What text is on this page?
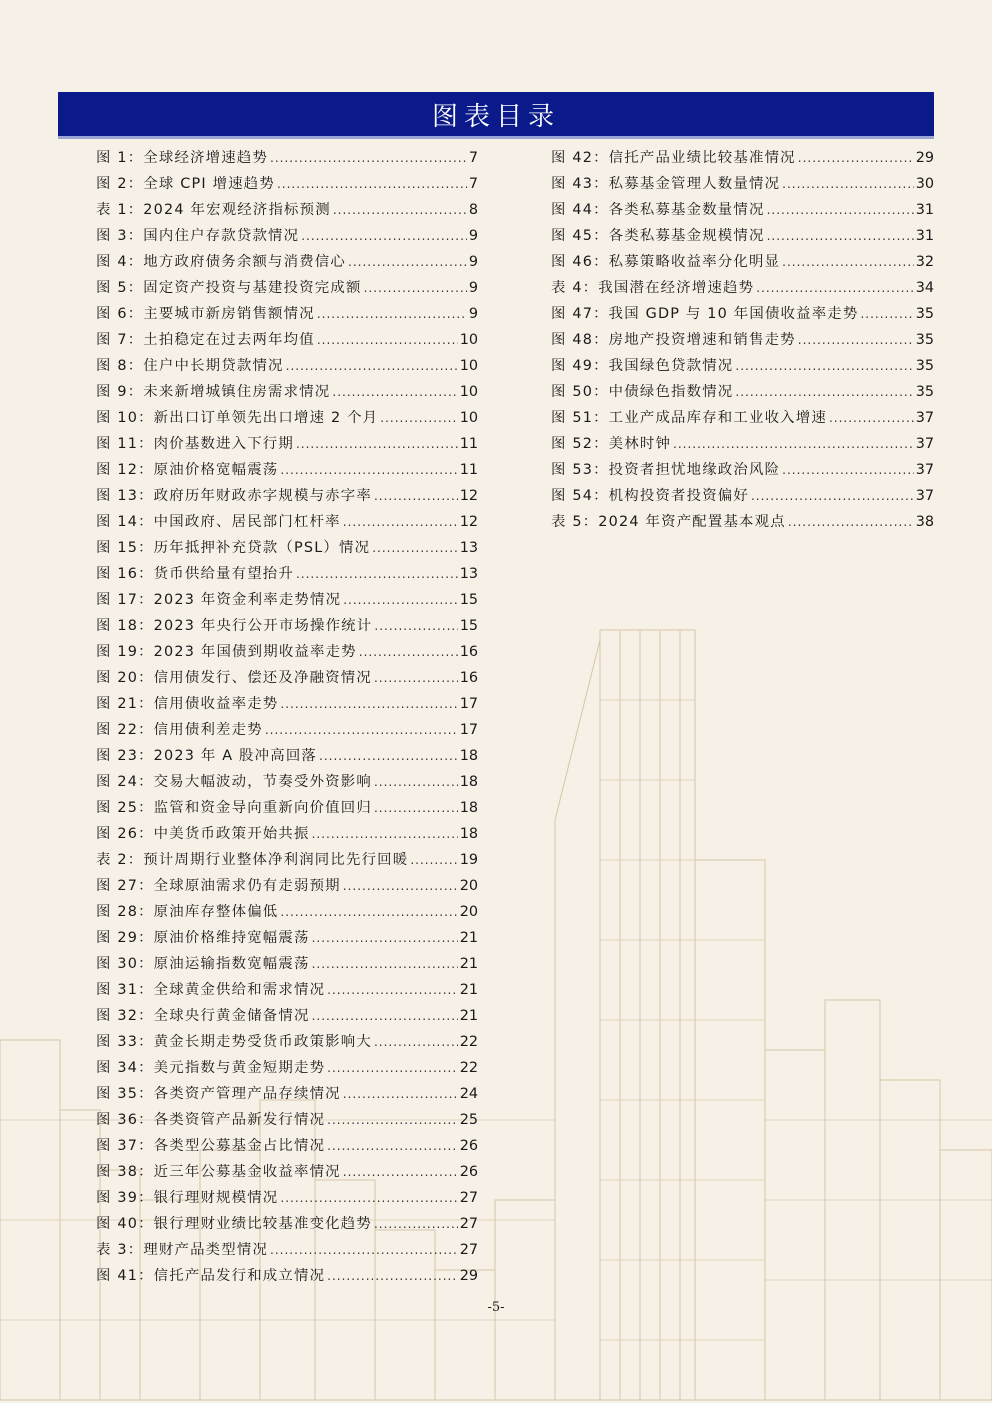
图表目录
图 1：全球经济增速趋势 .....	7
图 2：全球 CPI 增速趋势 .....	7
表 1：2024 年宏观经济指标预测 .....	8
图 3：国内住户存款贷款情况 .....	9
图 4：地方政府债务余额与消费信心 .....	9
图 5：固定资产投资与基建投资完成额 .....	9
图 6：主要城市新房销售额情况 .....	9
图 7：土拍稳定在过去两年均值 .....	10
图 8：住户中长期贷款情况 .....	10
图 9：未来新增城镇住房需求情况 .....	10
图 10：新出口订单领先出口增速 2 个月 .....	10
图 11：肉价基数进入下行期 .....	11
图 12：原油价格宽幅震荡 .....	11
图 13：政府历年财政赤字规模与赤字率 .....	12
图 14：中国政府、居民部门杠杆率 .....	12
图 15：历年抵押补充贷款（PSL）情况 .....	13
图 16：货币供给量有望抬升 .....	13
图 17：2023 年资金利率走势情况 .....	15
图 18：2023 年央行公开市场操作统计 .....	15
图 19：2023 年国债到期收益率走势 .....	16
图 20：信用债发行、偿还及净融资情况 .....	16
图 21：信用债收益率走势 .....	17
图 22：信用债利差走势 .....	17
图 23：2023 年 A 股冲高回落 .....	18
图 24：交易大幅波动，节奏受外资影响 .....	18
图 25：监管和资金导向重新向价值回归 .....	18
图 26：中美货币政策开始共振 .....	18
表 2：预计周期行业整体净利润同比先行回暖 .....	19
图 27：全球原油需求仍有走弱预期 .....	20
图 28：原油库存整体偏低 .....	20
图 29：原油价格维持宽幅震荡 .....	21
图 30：原油运输指数宽幅震荡 .....	21
图 31：全球黄金供给和需求情况 .....	21
图 32：全球央行黄金储备情况 .....	21
图 33：黄金长期走势受货币政策影响大 .....	22
图 34：美元指数与黄金短期走势 .....	22
图 35：各类资产管理产品存续情况 .....	24
图 36：各类资管产品新发行情况 .....	25
图 37：各类型公募基金占比情况 .....	26
图 38：近三年公募基金收益率情况 .....	26
图 39：银行理财规模情况 .....	27
图 40：银行理财业绩比较基准变化趋势 .....	27
表 3：理财产品类型情况 .....	27
图 41：信托产品发行和成立情况 .....	29
图 42：信托产品业绩比较基准情况 .....	29
图 43：私募基金管理人数量情况 .....	30
图 44：各类私募基金数量情况 .....	31
图 45：各类私募基金规模情况 .....	31
图 46：私募策略收益率分化明显 .....	32
表 4：我国潜在经济增速趋势 .....	34
图 47：我国 GDP 与 10 年国债收益率走势 .....	35
图 48：房地产投资增速和销售走势 .....	35
图 49：我国绿色贷款情况 .....	35
图 50：中债绿色指数情况 .....	35
图 51：工业产成品库存和工业收入增速 .....	37
图 52：美林时钟 .....	37
图 53：投资者担忧地缘政治风险 .....	37
图 54：机构投资者投资偏好 .....	37
表 5：2024 年资产配置基本观点 .....	38
-5-
